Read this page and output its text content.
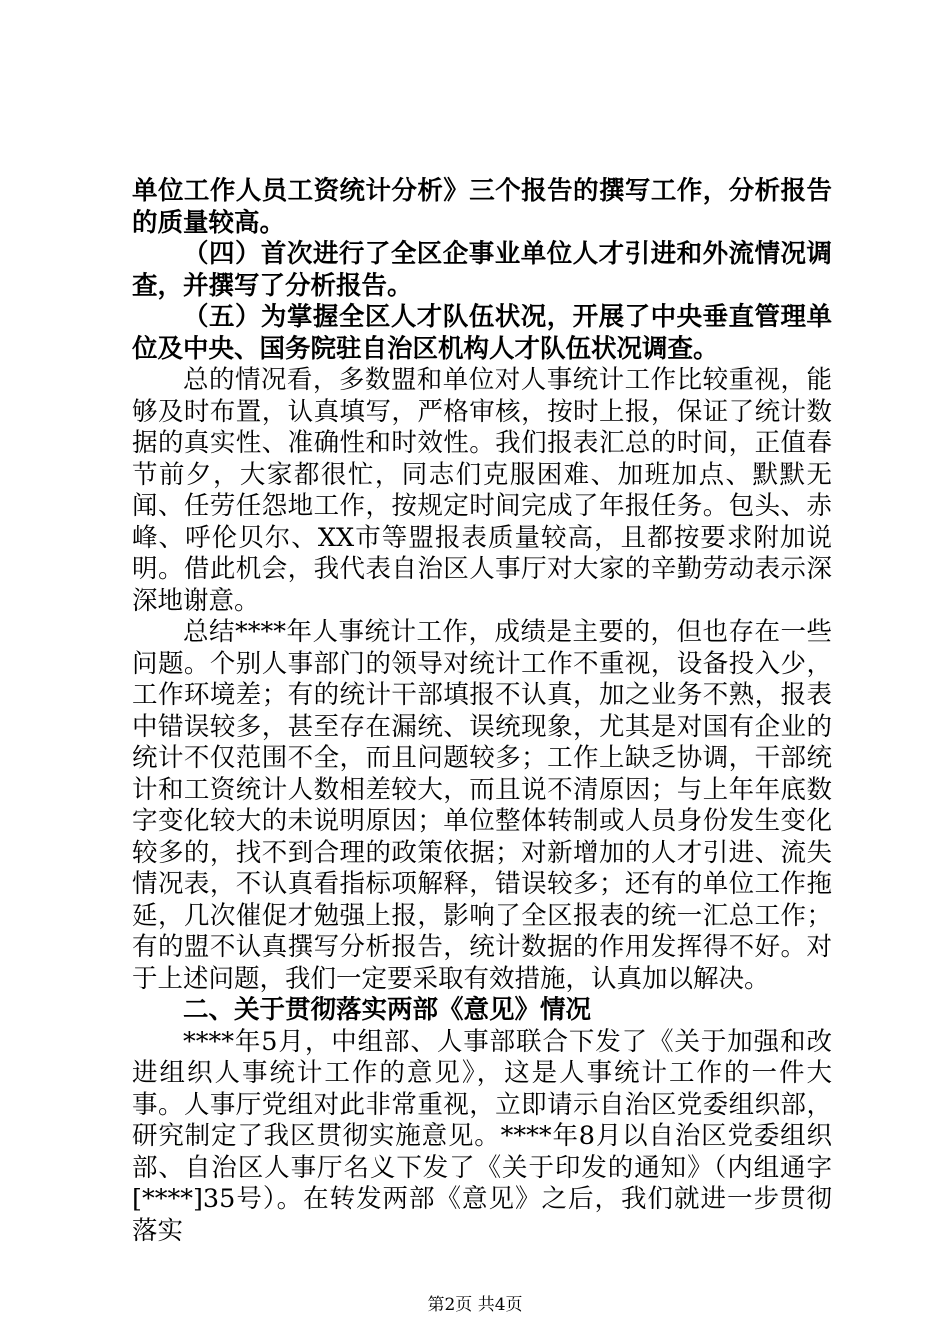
单位工作人员工资统计分析》三个报告的撰写工作，分析报告的质量较高。

（四）首次进行了全区企事业单位人才引进和外流情况调查，并撰写了分析报告。

（五）为掌握全区人才队伍状况，开展了中央垂直管理单位及中央、国务院驻自治区机构人才队伍状况调查。

总的情况看，多数盟和单位对人事统计工作比较重视，能够及时布置，认真填写，严格审核，按时上报，保证了统计数据的真实性、准确性和时效性。我们报表汇总的时间，正值春节前夕，大家都很忙，同志们克服困难、加班加点、默默无闻、任劳任怨地工作，按规定时间完成了年报任务。包头、赤峰、呼伦贝尔、XX市等盟报表质量较高，且都按要求附加说明。借此机会，我代表自治区人事厅对大家的辛勤劳动表示深深地谢意。

总结****年人事统计工作，成绩是主要的，但也存在一些问题。个别人事部门的领导对统计工作不重视，设备投入少，工作环境差；有的统计干部填报不认真，加之业务不熟，报表中错误较多，甚至存在漏统、误统现象，尤其是对国有企业的统计不仅范围不全，而且问题较多；工作上缺乏协调，干部统计和工资统计人数相差较大，而且说不清原因；与上年年底数字变化较大的未说明原因；单位整体转制或人员身份发生变化较多的，找不到合理的政策依据；对新增加的人才引进、流失情况表，不认真看指标项解释，错误较多；还有的单位工作拖延，几次催促才勉强上报，影响了全区报表的统一汇总工作；有的盟不认真撰写分析报告，统计数据的作用发挥得不好。对于上述问题，我们一定要采取有效措施，认真加以解决。

二、关于贯彻落实两部《意见》情况

****年5月，中组部、人事部联合下发了《关于加强和改进组织人事统计工作的意见》，这是人事统计工作的一件大事。人事厅党组对此非常重视，立即请示自治区党委组织部，研究制定了我区贯彻实施意见。****年8月以自治区党委组织部、自治区人事厅名义下发了《关于印发的通知》（内组通字[****]35号）。在转发两部《意见》之后，我们就进一步贯彻落实

第2页 共4页
